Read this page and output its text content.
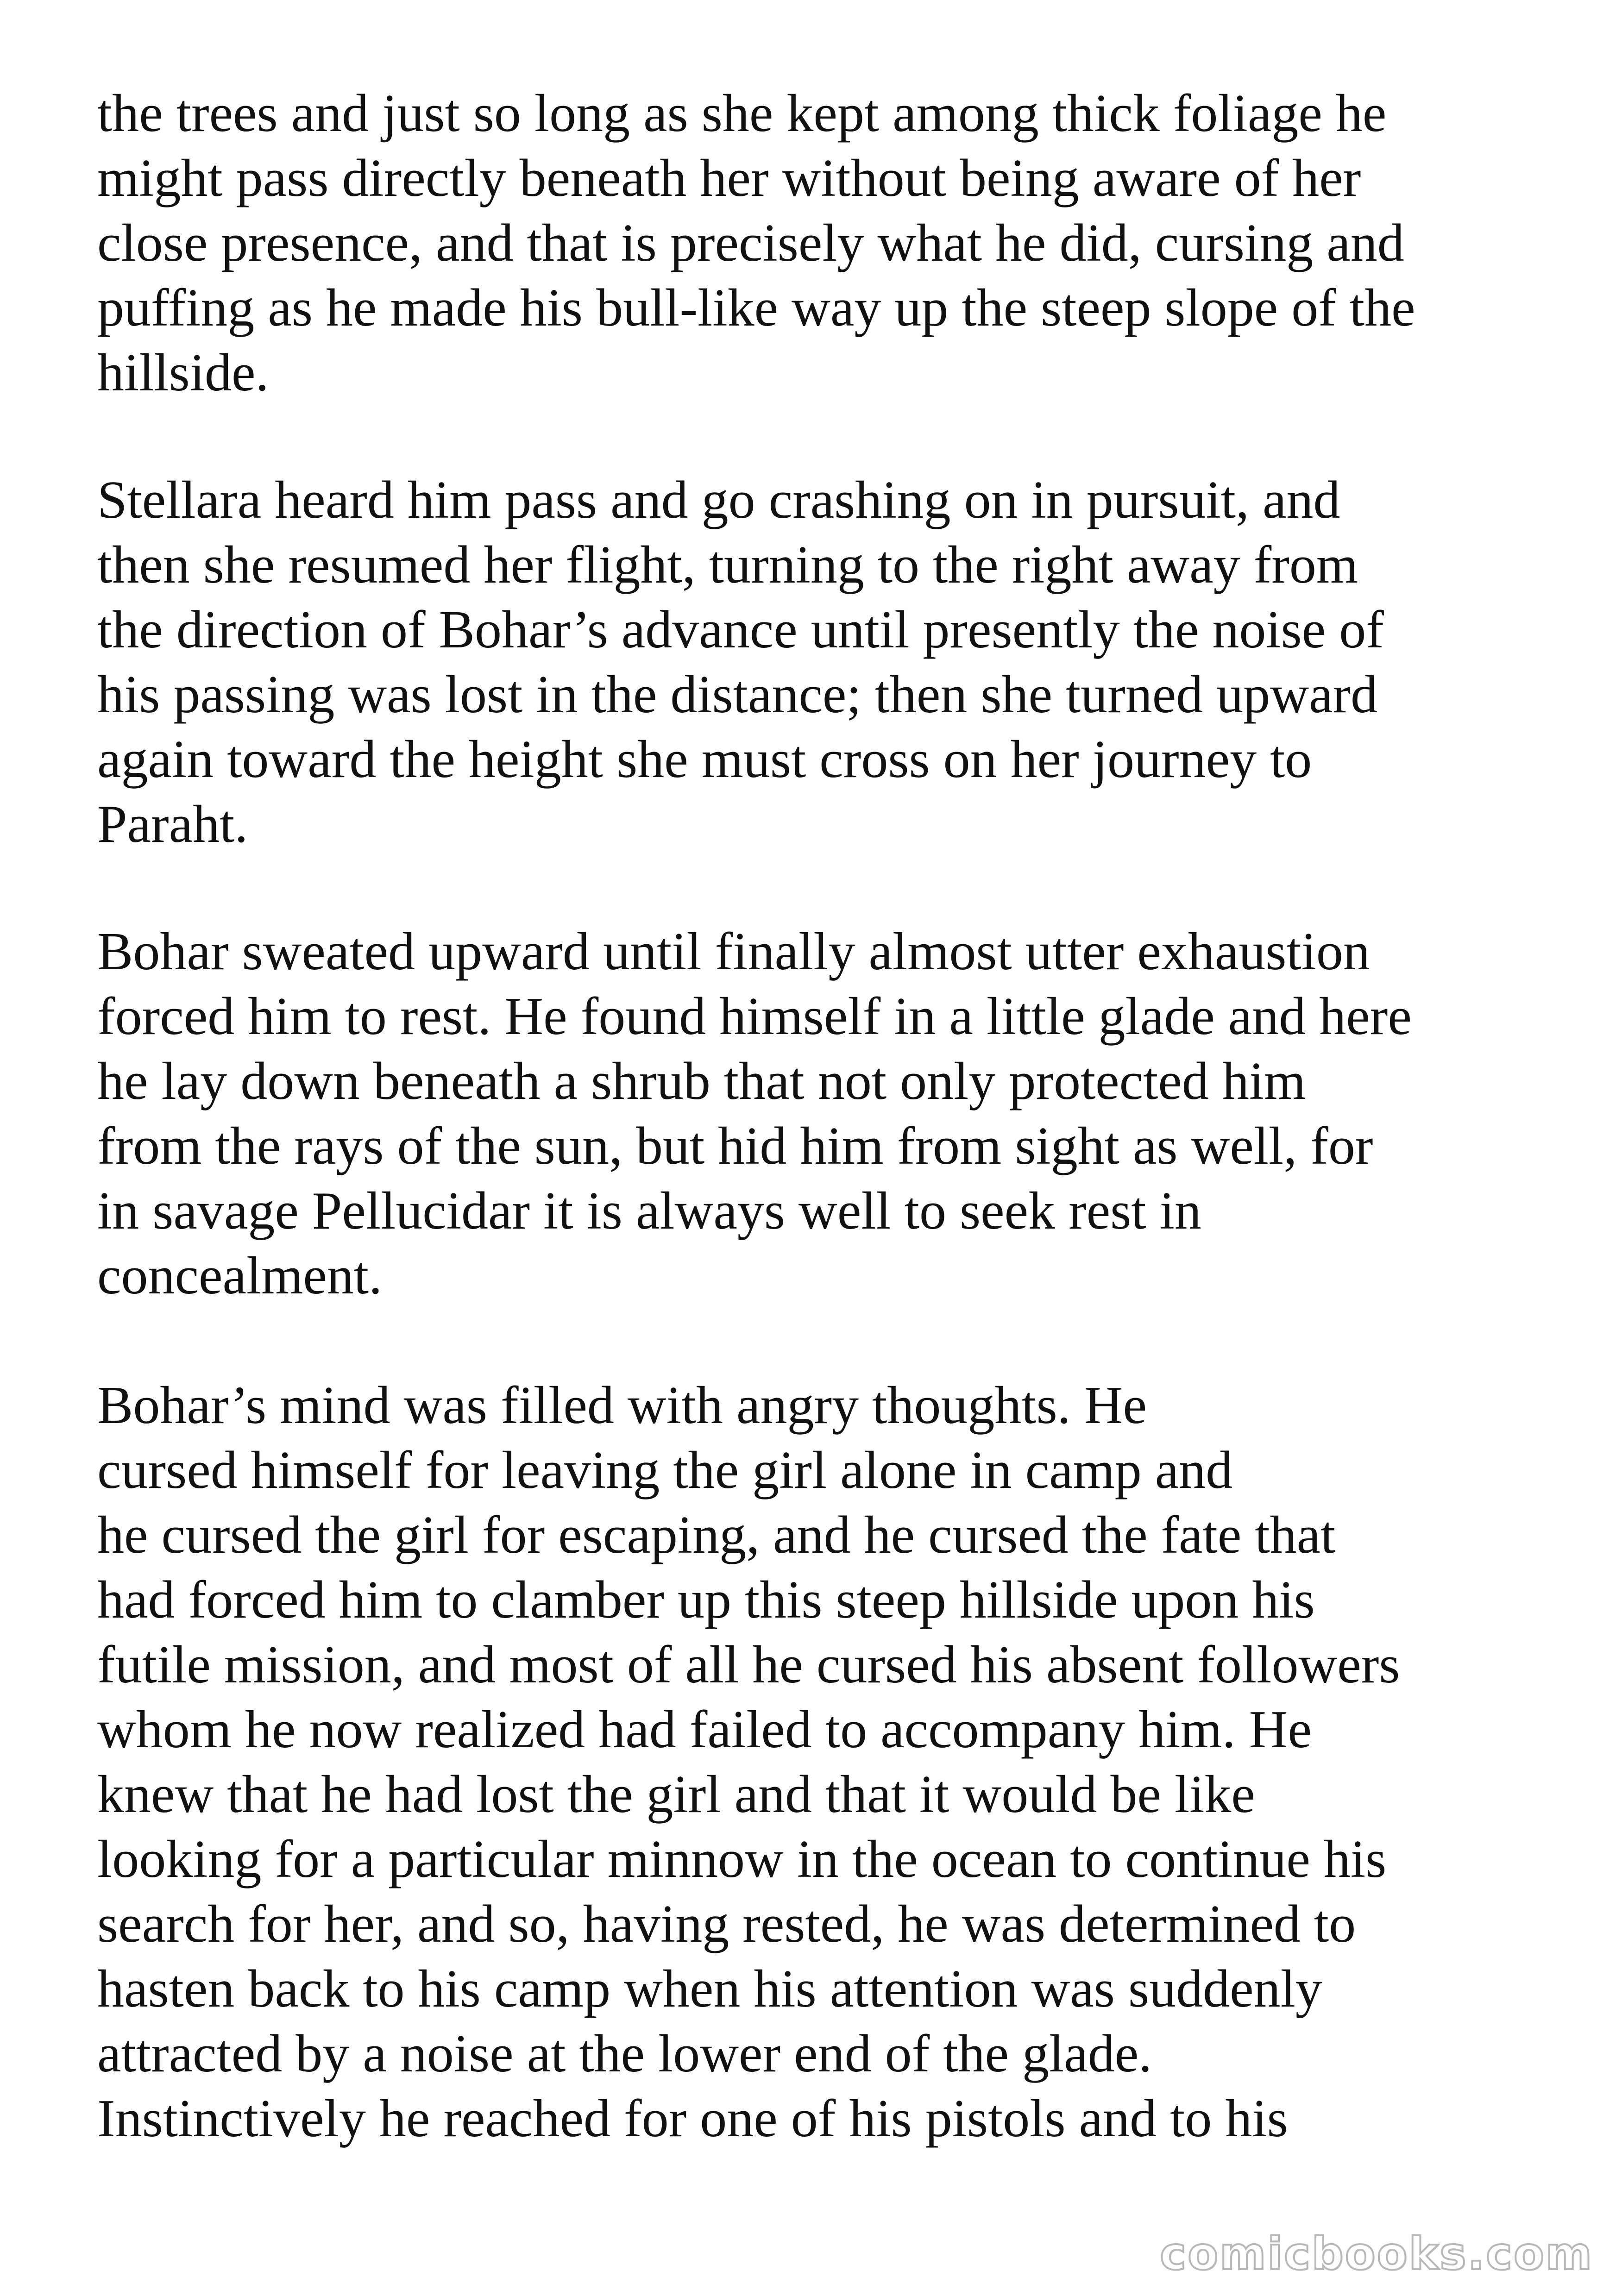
the trees and just so long as she kept among thick foliage he
might pass directly beneath her without being aware of her
close presence, and that is precisely what he did, cursing and
puffing as he made his bull-like way up the steep slope of the
hillside.
Stellara heard him pass and go crashing on in pursuit, and
then she resumed her flight, turning to the right away from
the direction of Bohar’s advance until presently the noise of
his passing was lost in the distance; then she turned upward
again toward the height she must cross on her journey to
Paraht.
Bohar sweated upward until finally almost utter exhaustion
forced him to rest. He found himself in a little glade and here
he lay down beneath a shrub that not only protected him
from the rays of the sun, but hid him from sight as well, for
in savage Pellucidar it is always well to seek rest in
concealment.
Bohar’s mind was filled with angry thoughts. He
cursed himself for leaving the girl alone in camp and
he cursed the girl for escaping, and he cursed the fate that
had forced him to clamber up this steep hillside upon his
futile mission, and most of all he cursed his absent followers
whom he now realized had failed to accompany him. He
knew that he had lost the girl and that it would be like
looking for a particular minnow in the ocean to continue his
search for her, and so, having rested, he was determined to
hasten back to his camp when his attention was suddenly
attracted by a noise at the lower end of the glade.
Instinctively he reached for one of his pistols and to his
comicbooks.com
